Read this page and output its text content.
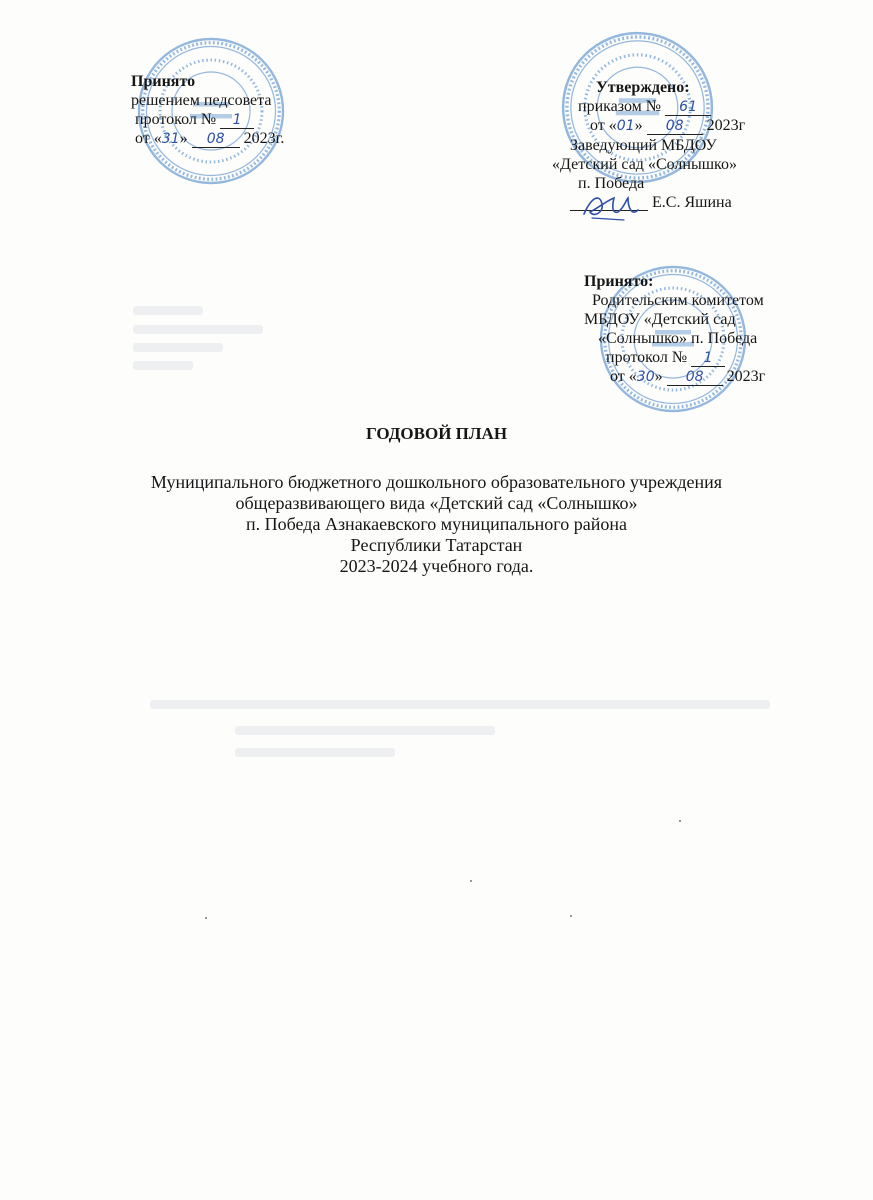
Принято
решением педсовета
протокол № 1
от «31» 08 2023г.
Утверждено:
приказом № 61
от «01» 08 2023г
Заведующий МБДОУ
«Детский сад «Солнышко»
п. Победа
Е.С. Яшина
Принято:
Родительским комитетом
МБДОУ «Детский сад
«Солнышко» п. Победа
протокол № 1
от «30» 08 2023г
ГОДОВОЙ ПЛАН
Муниципального бюджетного дошкольного образовательного учреждения
общеразвивающего вида «Детский сад «Солнышко»
п. Победа Азнакаевского муниципального района
Республики Татарстан
2023-2024 учебного года.
